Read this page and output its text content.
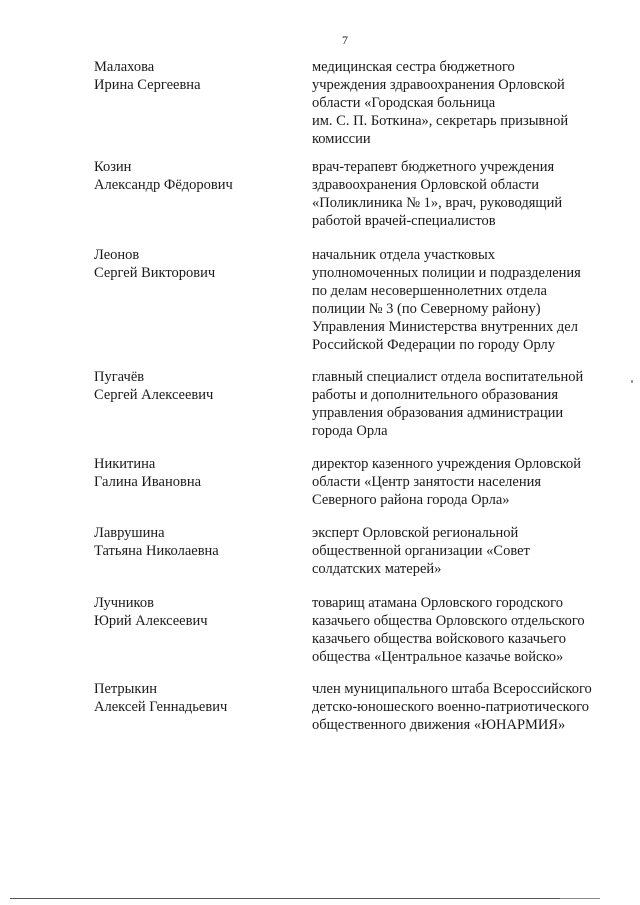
7
Малахова
Ирина Сергеевна
медицинская сестра бюджетного
учреждения здравоохранения Орловской
области «Городская больница
им. С. П. Боткина», секретарь призывной
комиссии
Козин
Александр Фёдорович
врач-терапевт бюджетного учреждения
здравоохранения Орловской области
«Поликлиника № 1», врач, руководящий
работой врачей-специалистов
Леонов
Сергей Викторович
начальник отдела участковых
уполномоченных полиции и подразделения
по делам несовершеннолетних отдела
полиции № 3 (по Северному району)
Управления Министерства внутренних дел
Российской Федерации по городу Орлу
Пугачёв
Сергей Алексеевич
главный специалист отдела воспитательной
работы и дополнительного образования
управления образования администрации
города Орла
Никитина
Галина Ивановна
директор казенного учреждения Орловской
области «Центр занятости населения
Северного района города Орла»
Лаврушина
Татьяна Николаевна
эксперт Орловской региональной
общественной организации «Совет
солдатских матерей»
Лучников
Юрий Алексеевич
товарищ атамана Орловского городского
казачьего общества Орловского отдельского
казачьего общества войскового казачьего
общества «Центральное казачье войско»
Петрыкин
Алексей Геннадьевич
член муниципального штаба Всероссийского
детско-юношеского военно-патриотического
общественного движения «ЮНАРМИЯ»
